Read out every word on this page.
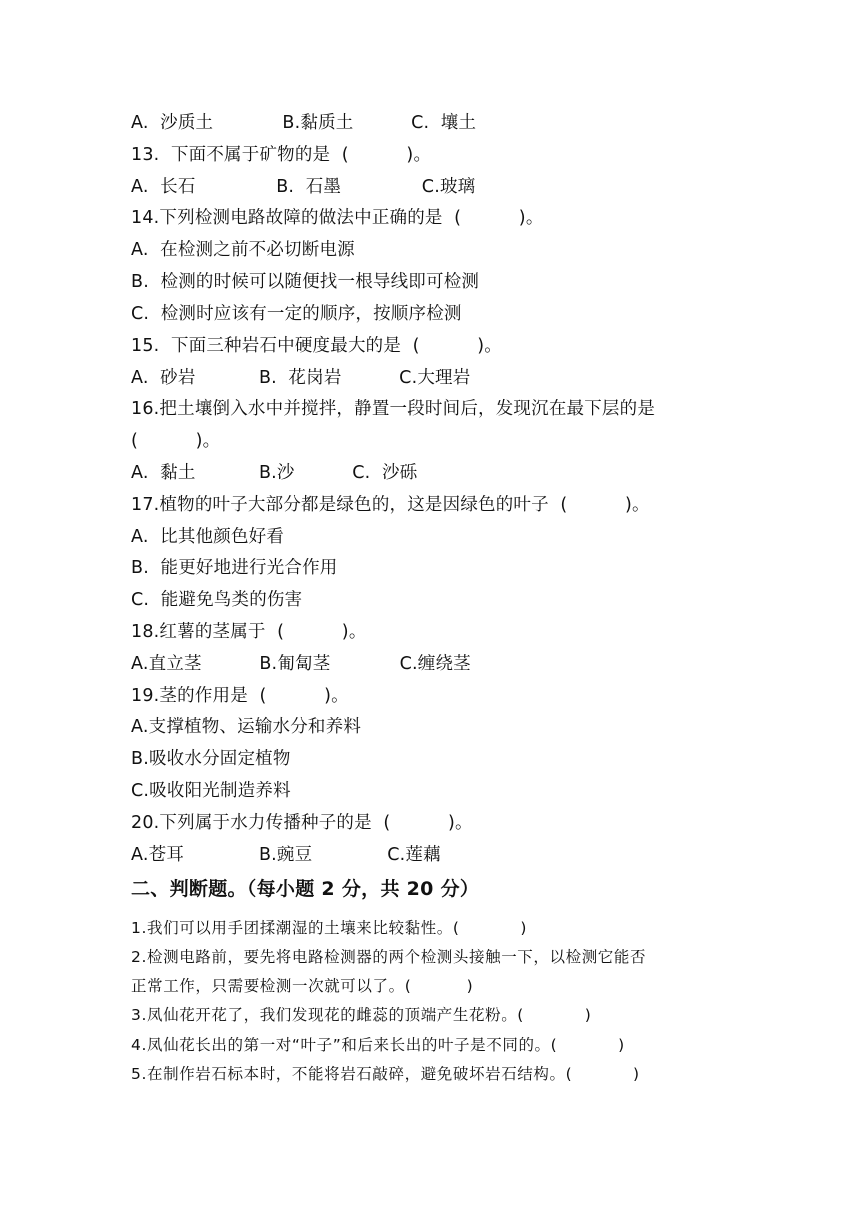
A.  沙质土            B.黏质土          C.  壤土
13.  下面不属于矿物的是  (          )。
A.  长石              B.  石墨              C.玻璃
14.下列检测电路故障的做法中正确的是  (          )。
A.  在检测之前不必切断电源
B.  检测的时候可以随便找一根导线即可检测
C.  检测时应该有一定的顺序，按顺序检测
15.  下面三种岩石中硬度最大的是  (          )。
A.  砂岩           B.  花岗岩          C.大理岩
16.把土壤倒入水中并搅拌，静置一段时间后，发现沉在最下层的是
(          )。
A.  黏土           B.沙          C.  沙砾
17.植物的叶子大部分都是绿色的，这是因绿色的叶子  (          )。
A.  比其他颜色好看
B.  能更好地进行光合作用
C.  能避免鸟类的伤害
18.红薯的茎属于  (          )。
A.直立茎          B.匍匐茎            C.缠绕茎
19.茎的作用是  (          )。
A.支撑植物、运输水分和养料
B.吸收水分固定植物
C.吸收阳光制造养料
20.下列属于水力传播种子的是  (          )。
A.苍耳             B.豌豆             C.莲藕
二、判断题。（每小题 2 分，共 20 分）
1.我们可以用手团揉潮湿的土壤来比较黏性。(           )
2.检测电路前，要先将电路检测器的两个检测头接触一下，以检测它能否
正常工作，只需要检测一次就可以了。(          )
3.凤仙花开花了，我们发现花的雌蕊的顶端产生花粉。(           )
4.凤仙花长出的第一对“叶子”和后来长出的叶子是不同的。(           )
5.在制作岩石标本时，不能将岩石敲碎，避免破坏岩石结构。(           )
